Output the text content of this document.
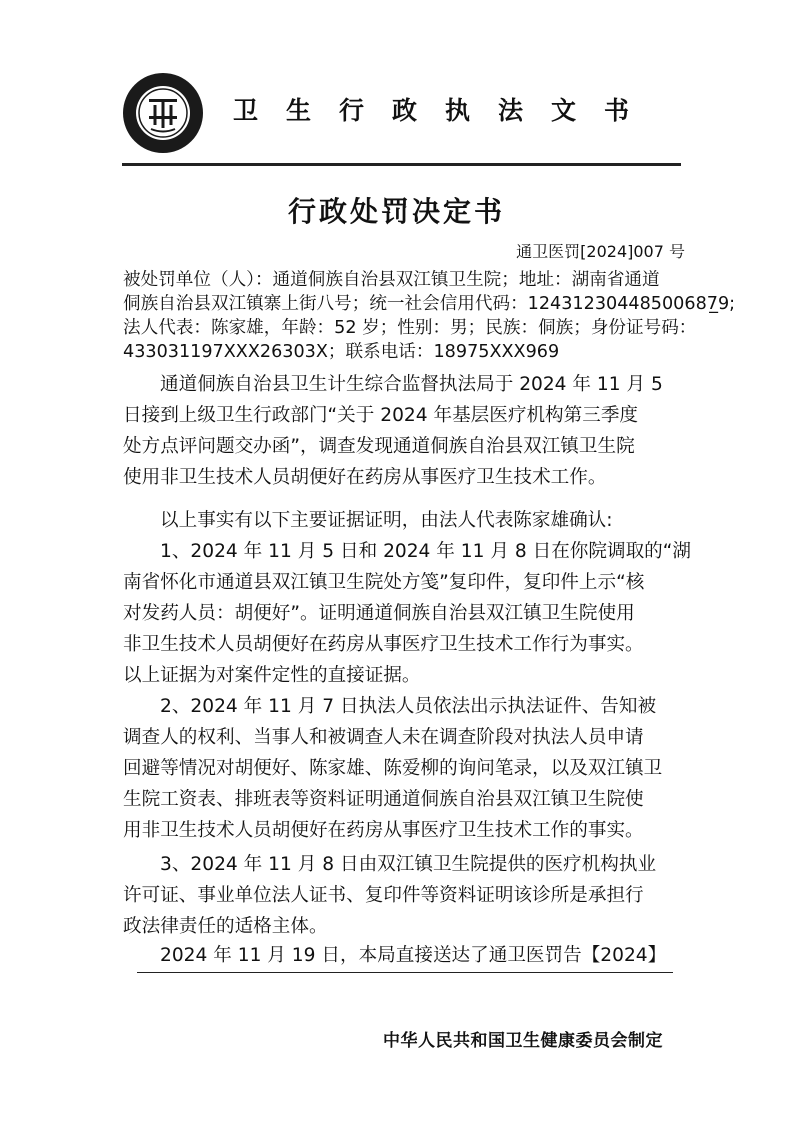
卫生行政执法文书
行政处罚决定书
通卫医罚[2024]007 号
被处罚单位（人）：通道侗族自治县双江镇卫生院；地址：湖南省通道
侗族自治县双江镇寨上街八号；统一社会信用代码：12431230448500687̲9;
法人代表：陈家雄，年龄：52 岁；性别：男；民族：侗族；身份证号码：
433031197XXX26303X；联系电话：18975XXX969
通道侗族自治县卫生计生综合监督执法局于 2024 年 11 月 5
日接到上级卫生行政部门“关于 2024 年基层医疗机构第三季度
处方点评问题交办函”，调查发现通道侗族自治县双江镇卫生院
使用非卫生技术人员胡便好在药房从事医疗卫生技术工作。
以上事实有以下主要证据证明，由法人代表陈家雄确认:
1、2024 年 11 月 5 日和 2024 年 11 月 8 日在你院调取的“湖
南省怀化市通道县双江镇卫生院处方笺”复印件，复印件上示“核
对发药人员：胡便好”。证明通道侗族自治县双江镇卫生院使用
非卫生技术人员胡便好在药房从事医疗卫生技术工作行为事实。
以上证据为对案件定性的直接证据。
2、2024 年 11 月 7 日执法人员依法出示执法证件、告知被
调查人的权利、当事人和被调查人未在调查阶段对执法人员申请
回避等情况对胡便好、陈家雄、陈爱柳的询问笔录，以及双江镇卫
生院工资表、排班表等资料证明通道侗族自治县双江镇卫生院使
用非卫生技术人员胡便好在药房从事医疗卫生技术工作的事实。
3、2024 年 11 月 8 日由双江镇卫生院提供的医疗机构执业
许可证、事业单位法人证书、复印件等资料证明该诊所是承担行
政法律责任的适格主体。
2024 年 11 月 19 日，本局直接送达了通卫医罚告【2024】
中华人民共和国卫生健康委员会制定
